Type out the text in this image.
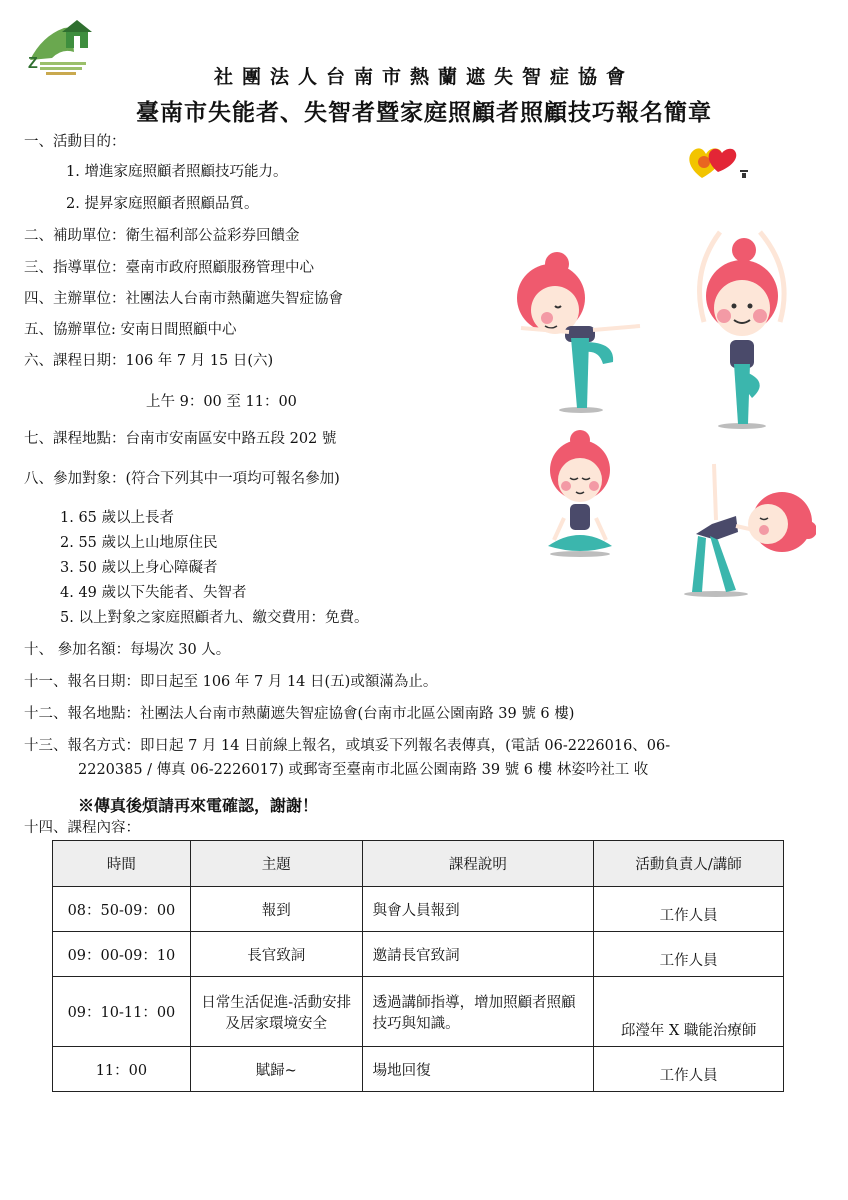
Z
社團法人台南市熱蘭遮失智症協會
臺南市失能者、失智者暨家庭照顧者照顧技巧報名簡章
一、活動目的：
1. 增進家庭照顧者照顧技巧能力。
2. 提昇家庭照顧者照顧品質。
二、補助單位：衛生福利部公益彩券回饋金
三、指導單位：臺南市政府照顧服務管理中心
四、主辦單位：社團法人台南市熱蘭遮失智症協會
五、協辦單位: 安南日間照顧中心
六、課程日期：106 年 7 月 15 日(六)
上午 9：00 至 11：00
七、課程地點：台南市安南區安中路五段 202 號
八、參加對象：(符合下列其中一項均可報名參加)
1. 65 歲以上長者
2. 55 歲以上山地原住民
3. 50 歲以上身心障礙者
4. 49 歲以下失能者、失智者
5. 以上對象之家庭照顧者九、繳交費用：免費。
十、 參加名額：每場次 30 人。
十一、報名日期：即日起至 106 年 7 月 14 日(五)或額滿為止。
十二、報名地點：社團法人台南市熱蘭遮失智症協會(台南市北區公園南路 39 號 6 樓)
十三、報名方式：即日起 7 月 14 日前線上報名，或填妥下列報名表傳真，(電話 06-2226016、06-
2220385 / 傳真 06-2226017) 或郵寄至臺南市北區公園南路 39 號 6 樓 林姿吟社工 收
※傳真後煩請再來電確認，謝謝！
十四、課程內容：
時間	主題	課程說明	活動負責人/講師
08：50-09：00	報到	與會人員報到	工作人員
09：00-09：10	長官致詞	邀請長官致詞	工作人員
09：10-11：00	日常生活促進-活動安排及居家環境安全	透過講師指導，增加照顧者照顧技巧與知識。	邱瀅年 X 職能治療師
11：00	賦歸~	場地回復	工作人員
